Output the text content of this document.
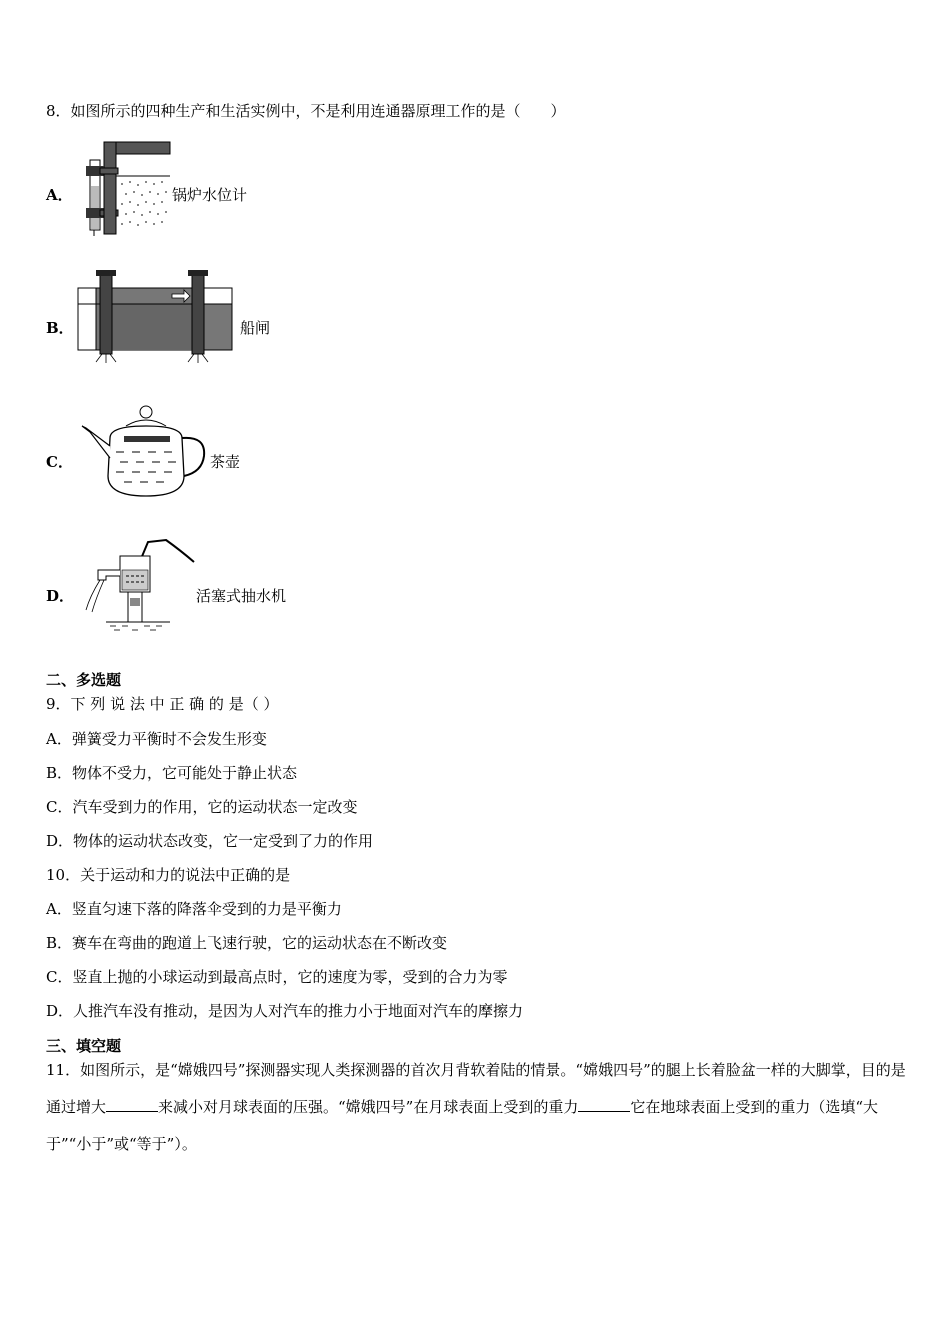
8．如图所示的四种生产和生活实例中，不是利用连通器原理工作的是（　　）
A．	锅炉水位计
B．	船闸
C．	茶壶
D．	活塞式抽水机
二、多选题
9．下 列 说 法 中 正 确 的 是（ ）
A．弹簧受力平衡时不会发生形变
B．物体不受力，它可能处于静止状态
C．汽车受到力的作用，它的运动状态一定改变
D．物体的运动状态改变，它一定受到了力的作用
10．关于运动和力的说法中正确的是
A．竖直匀速下落的降落伞受到的力是平衡力
B．赛车在弯曲的跑道上飞速行驶，它的运动状态在不断改变
C．竖直上抛的小球运动到最高点时，它的速度为零，受到的合力为零
D．人推汽车没有推动，是因为人对汽车的推力小于地面对汽车的摩擦力
三、填空题
11．如图所示，是“嫦娥四号”探测器实现人类探测器的首次月背软着陆的情景。“嫦娥四号”的腿上长着脸盆一样的大脚掌，目的是通过增大	来减小对月球表面的压强。“嫦娥四号”在月球表面上受到的重力	它在地球表面上受到的重力（选填“大于”“小于”或“等于”）。
